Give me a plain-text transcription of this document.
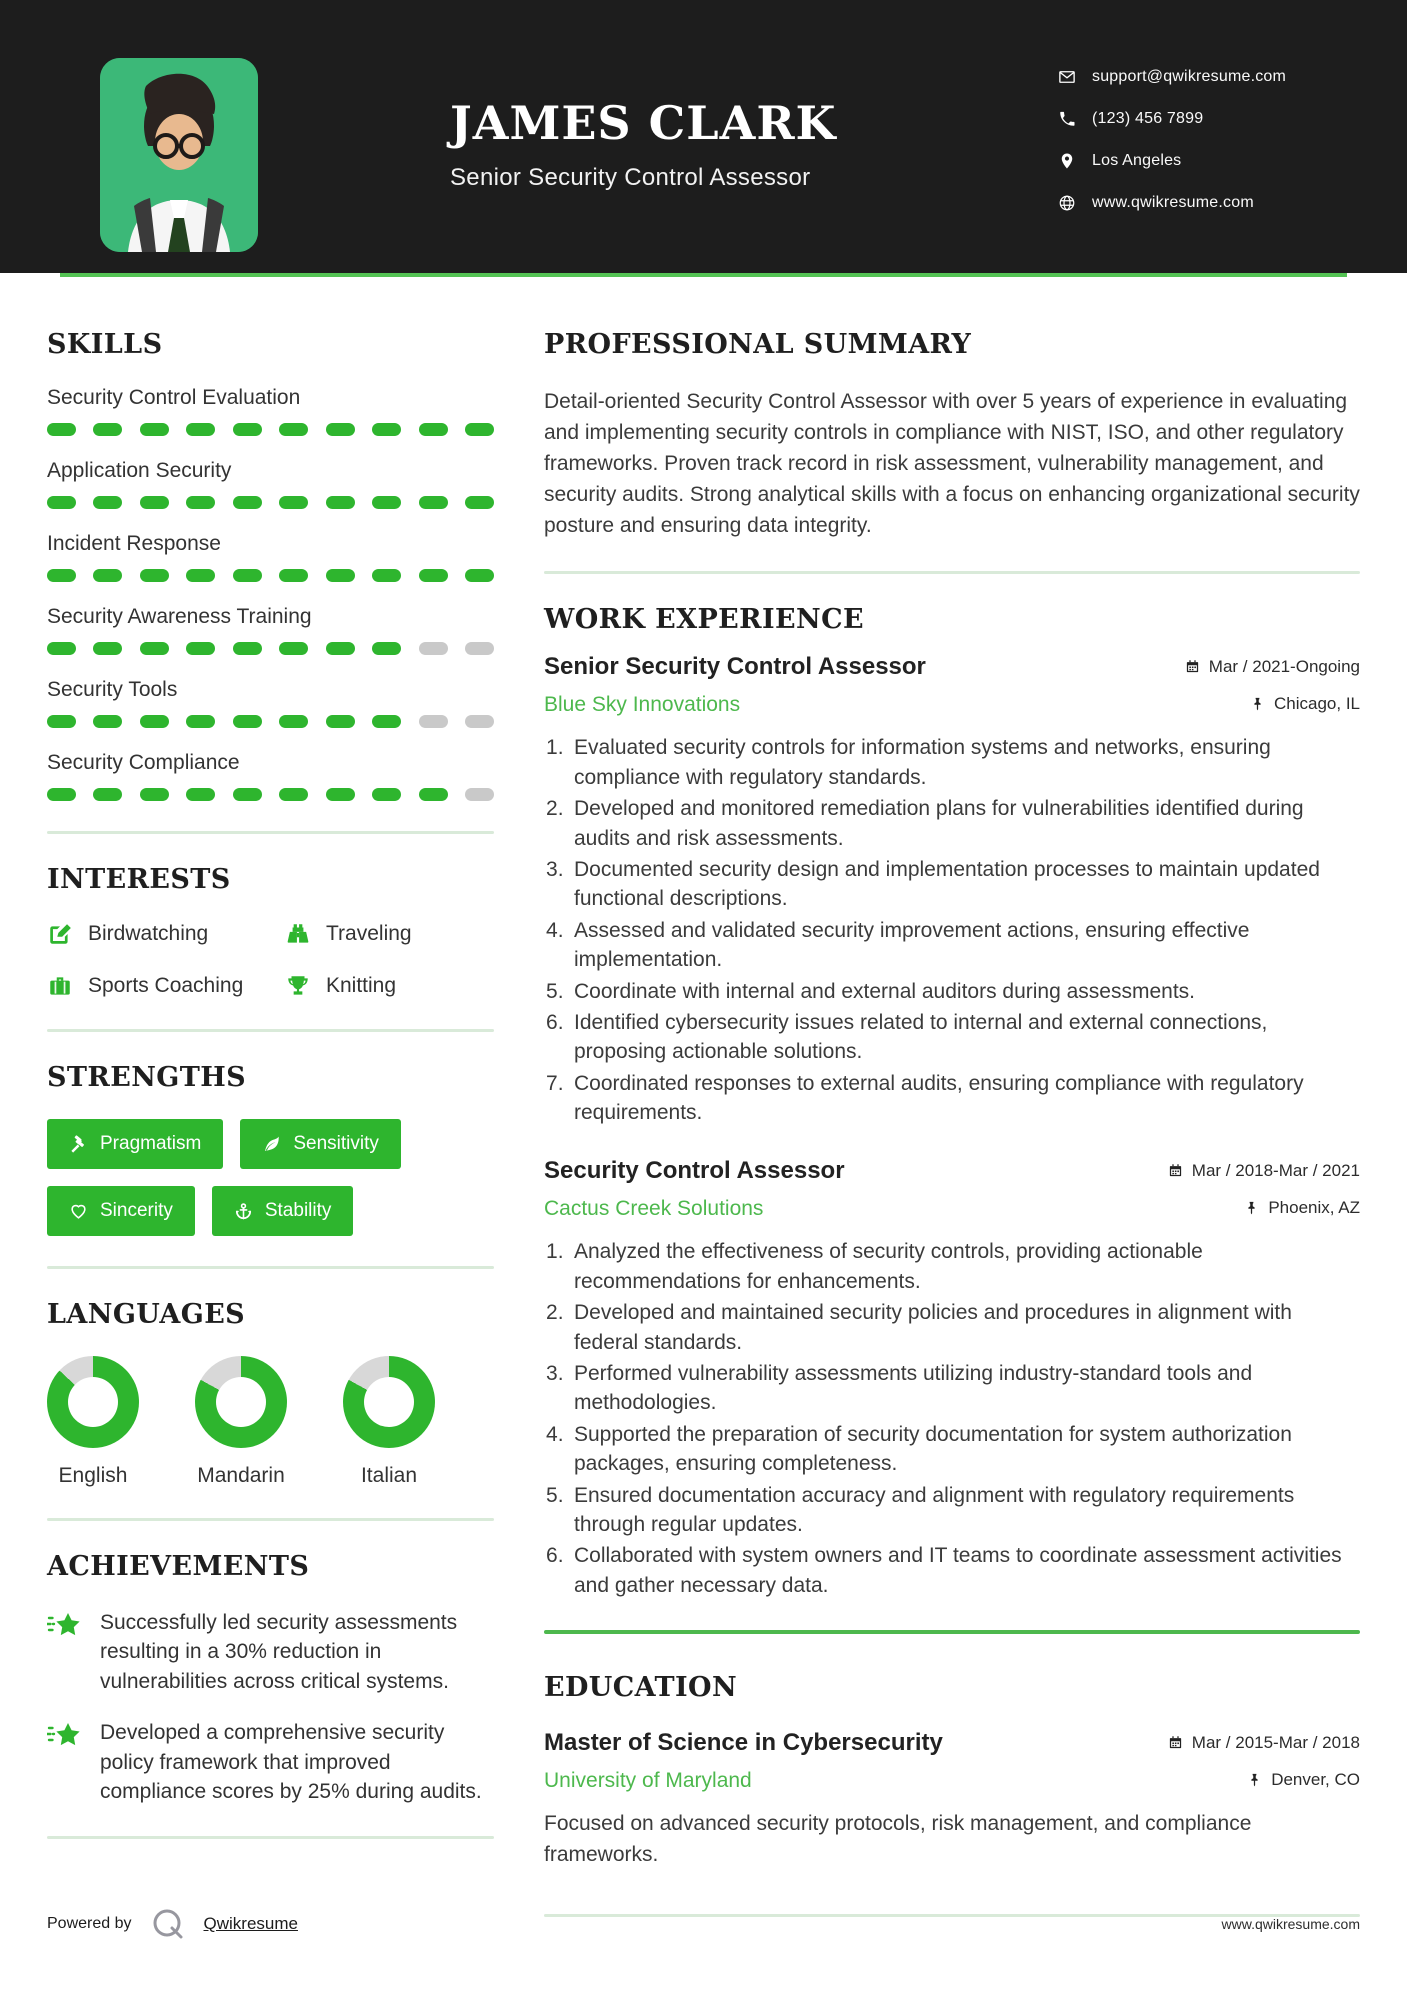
JAMES CLARK
Senior Security Control Assessor
support@qwikresume.com
(123) 456 7899
Los Angeles
www.qwikresume.com
SKILLS
Security Control Evaluation
Application Security
Incident Response
Security Awareness Training
Security Tools
Security Compliance
INTERESTS
Birdwatching	Traveling
Sports Coaching	Knitting
STRENGTHS
Pragmatism	Sensitivity
Sincerity	Stability
LANGUAGES
English	Mandarin	Italian
ACHIEVEMENTS
Successfully led security assessments resulting in a 30% reduction in vulnerabilities across critical systems.
Developed a comprehensive security policy framework that improved compliance scores by 25% during audits.
PROFESSIONAL SUMMARY

Detail-oriented Security Control Assessor with over 5 years of experience in evaluating and implementing security controls in compliance with NIST, ISO, and other regulatory frameworks. Proven track record in risk assessment, vulnerability management, and security audits. Strong analytical skills with a focus on enhancing organizational security posture and ensuring data integrity.

WORK EXPERIENCE
Senior Security Control Assessor	Mar / 2021-Ongoing
Blue Sky Innovations	Chicago, IL
Evaluated security controls for information systems and networks, ensuring compliance with regulatory standards.
Developed and monitored remediation plans for vulnerabilities identified during audits and risk assessments.
Documented security design and implementation processes to maintain updated functional descriptions.
Assessed and validated security improvement actions, ensuring effective implementation.
Coordinate with internal and external auditors during assessments.
Identified cybersecurity issues related to internal and external connections, proposing actionable solutions.
Coordinated responses to external audits, ensuring compliance with regulatory requirements.
Security Control Assessor	Mar / 2018-Mar / 2021
Cactus Creek Solutions	Phoenix, AZ
Analyzed the effectiveness of security controls, providing actionable recommendations for enhancements.
Developed and maintained security policies and procedures in alignment with federal standards.
Performed vulnerability assessments utilizing industry-standard tools and methodologies.
Supported the preparation of security documentation for system authorization packages, ensuring completeness.
Ensured documentation accuracy and alignment with regulatory requirements through regular updates.
Collaborated with system owners and IT teams to coordinate assessment activities and gather necessary data.
EDUCATION
Master of Science in Cybersecurity	Mar / 2015-Mar / 2018
University of Maryland	Denver, CO

Focused on advanced security protocols, risk management, and compliance frameworks.

Powered by	Qwikresume	www.qwikresume.com
